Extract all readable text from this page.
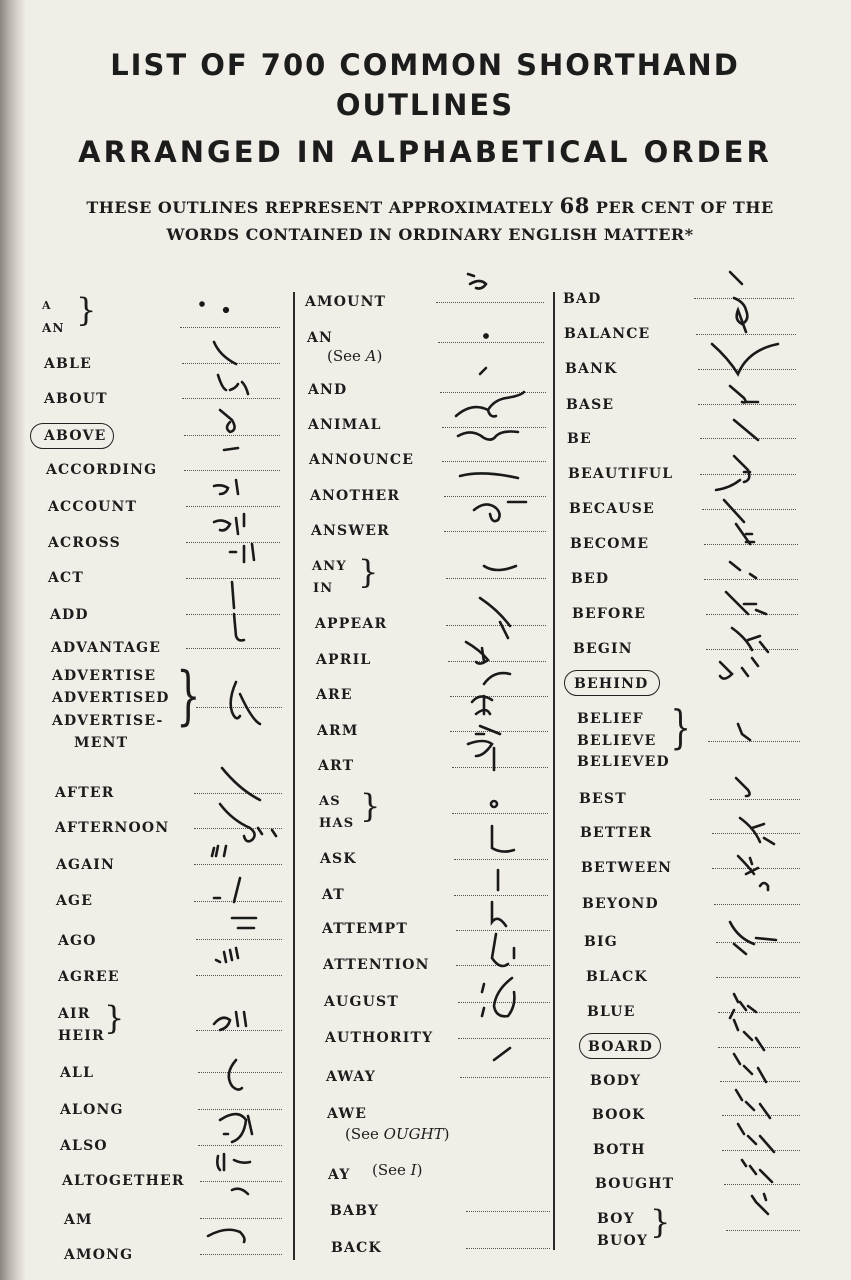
LIST OF 700 COMMON SHORTHAND
OUTLINES
ARRANGED IN ALPHABETICAL ORDER
THESE OUTLINES REPRESENT APPROXIMATELY 68 PER CENT OF THE
WORDS CONTAINED IN ORDINARY ENGLISH MATTER*
A
AN }
ABLE
ABOUT
ABOVE
ACCORDING
ACCOUNT
ACROSS
ACT
ADD
ADVANTAGE
ADVERTISE
ADVERTISED
ADVERTISE-
MENT
}
AFTER
AFTERNOON
AGAIN
AGE
AGO
AGREE
AIR
HEIR }
ALL
ALONG
ALSO
ALTOGETHER
AM
AMONG
AMOUNT
AN
(See A)
AND
ANIMAL
ANNOUNCE
ANOTHER
ANSWER
ANY
IN }
APPEAR
APRIL
ARE
ARM
ART
AS
HAS }
ASK
AT
ATTEMPT
ATTENTION
AUGUST
AUTHORITY
AWAY
AWE
(See OUGHT)
AY (See I)
BABY
BACK
BAD
BALANCE
BANK
BASE
BE
BEAUTIFUL
BECAUSE
BECOME
BED
BEFORE
BEGIN
BEHIND
BELIEF
BELIEVE
BELIEVED
}
BEST
BETTER
BETWEEN
BEYOND
BIG
BLACK
BLUE
BOARD
BODY
BOOK
BOTH
BOUGHT
BOY
BUOY }
